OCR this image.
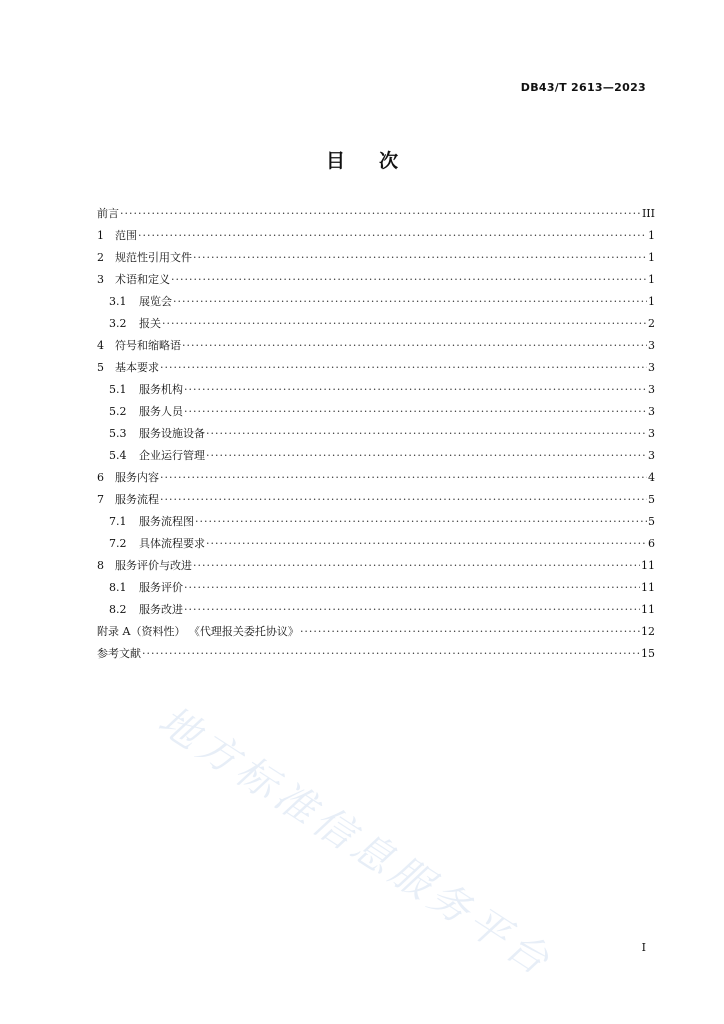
DB43/T 2613—2023
目 次
前言 ·····	III
1	范围 ·····	1
2	规范性引用文件 ·····	1
3	术语和定义 ·····	1
3.1	展览会 ·····	1
3.2	报关 ·····	2
4	符号和缩略语 ·····	3
5	基本要求 ·····	3
5.1	服务机构 ·····	3
5.2	服务人员 ·····	3
5.3	服务设施设备 ·····	3
5.4	企业运行管理 ·····	3
6	服务内容 ·····	4
7	服务流程 ·····	5
7.1	服务流程图 ·····	5
7.2	具体流程要求 ·····	6
8	服务评价与改进 ·····	11
8.1	服务评价 ·····	11
8.2	服务改进 ·····	11
附录 A（资料性） 《代理报关委托协议》 ·····	12
参考文献 ·····	15
地方标准信息服务平台	I
